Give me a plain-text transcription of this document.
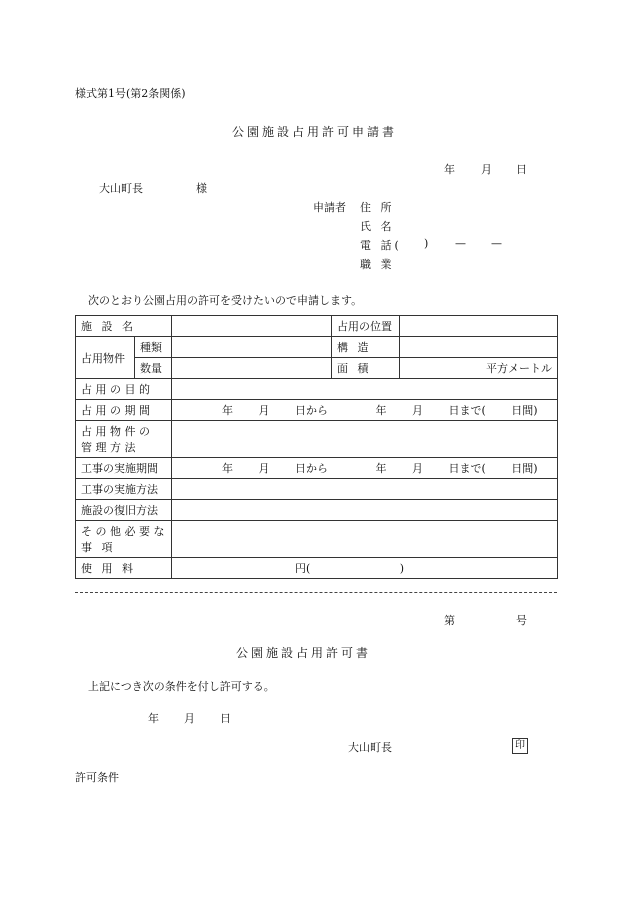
様式第1号(第2条関係)
公園施設占用許可申請書
年 月 日
大山町長	様
申請者 住 所
氏 名
電 話( ) — —
職 業
次のとおり公園占用の許可を受けたいので申請します。
施 設 名			占用の位置	
占用物件	種類		構 造	
	数量		面 積	平方メートル
占 用 の 目 的				
占 用 の 期 間		年 月 日から 年 月 日まで( 日間)		

占 用 物 件 の
管 理 方 法				

工事の実施期間		年 月 日から 年 月 日まで( 日間)		
工事の実施方法				
施設の復旧方法				

そ の 他 必 要 な
事 項				

使 用 料		円( )		
第	号
公園施設占用許可書
上記につき次の条件を付し許可する。
年 月 日
大山町長	印
許可条件
